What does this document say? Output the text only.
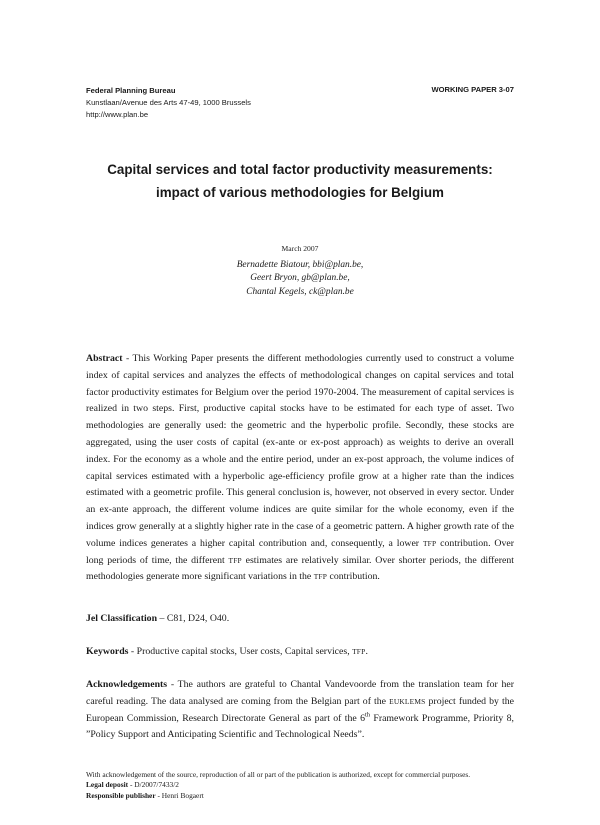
Federal Planning Bureau
Kunstlaan/Avenue des Arts 47-49, 1000 Brussels
http://www.plan.be
WORKING PAPER 3-07
Capital services and total factor productivity measurements:
impact of various methodologies for Belgium
March 2007
Bernadette Biatour, bbi@plan.be,
Geert Bryon, gb@plan.be,
Chantal Kegels, ck@plan.be
Abstract - This Working Paper presents the different methodologies currently used to construct a volume index of capital services and analyzes the effects of methodological changes on capital services and total factor productivity estimates for Belgium over the period 1970-2004. The measurement of capital services is realized in two steps. First, productive capital stocks have to be estimated for each type of asset. Two methodologies are generally used: the geometric and the hyperbolic profile. Secondly, these stocks are aggregated, using the user costs of capital (ex-ante or ex-post approach) as weights to derive an overall index. For the economy as a whole and the entire period, under an ex-post approach, the volume indices of capital services estimated with a hyperbolic age-efficiency profile grow at a higher rate than the indices estimated with a geometric profile. This general conclusion is, however, not observed in every sector. Under an ex-ante approach, the different volume indices are quite similar for the whole economy, even if the indices grow generally at a slightly higher rate in the case of a geometric pattern. A higher growth rate of the volume indices generates a higher capital contribution and, consequently, a lower TFP contribution. Over long periods of time, the different TFP estimates are relatively similar. Over shorter periods, the different methodologies generate more significant variations in the TFP contribution.
Jel Classification – C81, D24, O40.
Keywords - Productive capital stocks, User costs, Capital services, TFP.
Acknowledgements - The authors are grateful to Chantal Vandevoorde from the translation team for her careful reading. The data analysed are coming from the Belgian part of the EUKLEMS project funded by the European Commission, Research Directorate General as part of the 6th Framework Programme, Priority 8, ”Policy Support and Anticipating Scientific and Technological Needs”.
With acknowledgement of the source, reproduction of all or part of the publication is authorized, except for commercial purposes.
Legal deposit - D/2007/7433/2
Responsible publisher - Henri Bogaert
